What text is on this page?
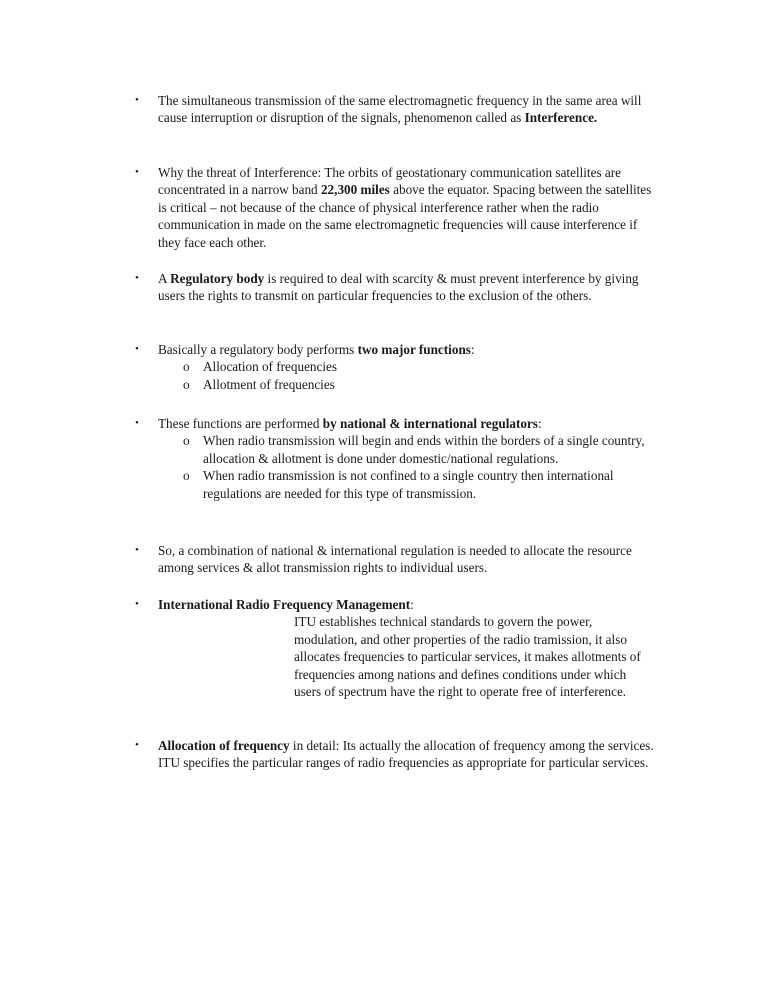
• The simultaneous transmission of the same electromagnetic frequency in the same area will cause interruption or disruption of the signals, phenomenon called as Interference.
• Why the threat of Interference: The orbits of geostationary communication satellites are concentrated in a narrow band 22,300 miles above the equator. Spacing between the satellites is critical – not because of the chance of physical interference rather when the radio communication in made on the same electromagnetic frequencies will cause interference if they face each other.
• A Regulatory body is required to deal with scarcity & must prevent interference by giving users the rights to transmit on particular frequencies to the exclusion of the others.
• Basically a regulatory body performs two major functions:
o Allocation of frequencies
o Allotment of frequencies
• These functions are performed by national & international regulators:
o When radio transmission will begin and ends within the borders of a single country, allocation & allotment is done under domestic/national regulations.
o When radio transmission is not confined to a single country then international regulations are needed for this type of transmission.
• So, a combination of national & international regulation is needed to allocate the resource among services & allot transmission rights to individual users.
• International Radio Frequency Management:
ITU establishes technical standards to govern the power, modulation, and other properties of the radio tramission, it also allocates frequencies to particular services, it makes allotments of frequencies among nations and defines conditions under which users of spectrum have the right to operate free of interference.
• Allocation of frequency in detail: Its actually the allocation of frequency among the services. ITU specifies the particular ranges of radio frequencies as appropriate for particular services.
